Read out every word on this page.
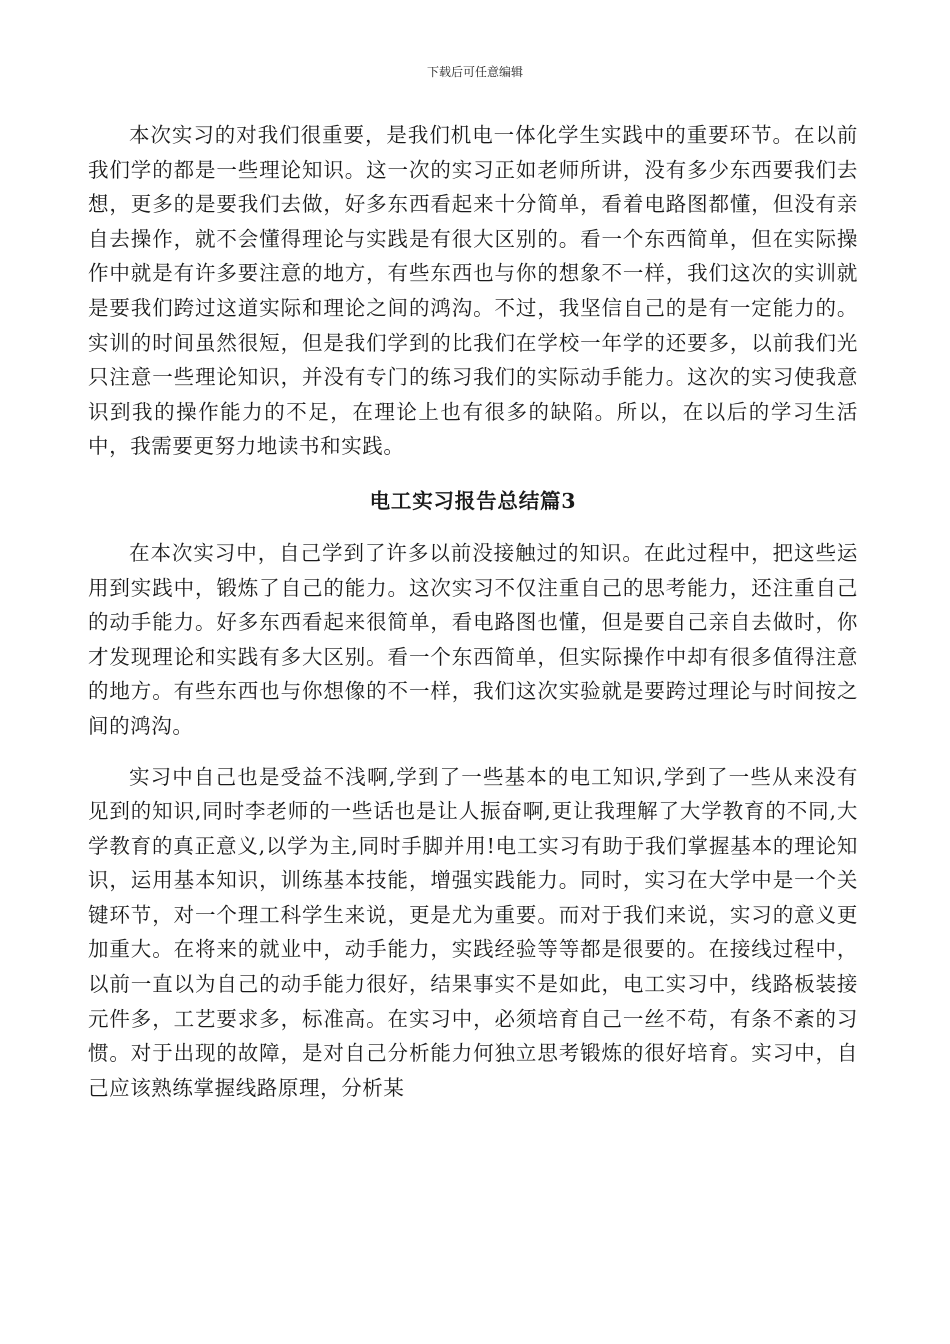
下载后可任意编辑

本次实习的对我们很重要，是我们机电一体化学生实践中的重要环节。在以前我们学的都是一些理论知识。这一次的实习正如老师所讲，没有多少东西要我们去想，更多的是要我们去做，好多东西看起来十分简单，看着电路图都懂，但没有亲自去操作，就不会懂得理论与实践是有很大区别的。看一个东西简单，但在实际操作中就是有许多要注意的地方，有些东西也与你的想象不一样，我们这次的实训就是要我们跨过这道实际和理论之间的鸿沟。不过，我坚信自己的是有一定能力的。 实训的时间虽然很短，但是我们学到的比我们在学校一年学的还要多，以前我们光只注意一些理论知识，并没有专门的练习我们的实际动手能力。这次的实习使我意识到我的操作能力的不足，在理论上也有很多的缺陷。所以，在以后的学习生活中，我需要更努力地读书和实践。

电工实习报告总结篇3

在本次实习中，自己学到了许多以前没接触过的知识。在此过程中，把这些运用到实践中，锻炼了自己的能力。这次实习不仅注重自己的思考能力，还注重自己的动手能力。好多东西看起来很简单，看电路图也懂，但是要自己亲自去做时，你才发现理论和实践有多大区别。看一个东西简单，但实际操作中却有很多值得注意的地方。有些东西也与你想像的不一样，我们这次实验就是要跨过理论与时间按之间的鸿沟。

实习中自己也是受益不浅啊,学到了一些基本的电工知识,学到了一些从来没有见到的知识,同时李老师的一些话也是让人振奋啊,更让我理解了大学教育的不同,大学教育的真正意义,以学为主,同时手脚并用!电工实习有助于我们掌握基本的理论知识，运用基本知识，训练基本技能，增强实践能力。同时，实习在大学中是一个关键环节，对一个理工科学生来说，更是尤为重要。而对于我们来说，实习的意义更加重大。在将来的就业中，动手能力，实践经验等等都是很要的。在接线过程中，以前一直以为自己的动手能力很好，结果事实不是如此，电工实习中，线路板装接元件多，工艺要求多，标准高。在实习中，必须培育自己一丝不苟，有条不紊的习惯。对于出现的故障，是对自己分析能力何独立思考锻炼的很好培育。实习中，自己应该熟练掌握线路原理，分析某
